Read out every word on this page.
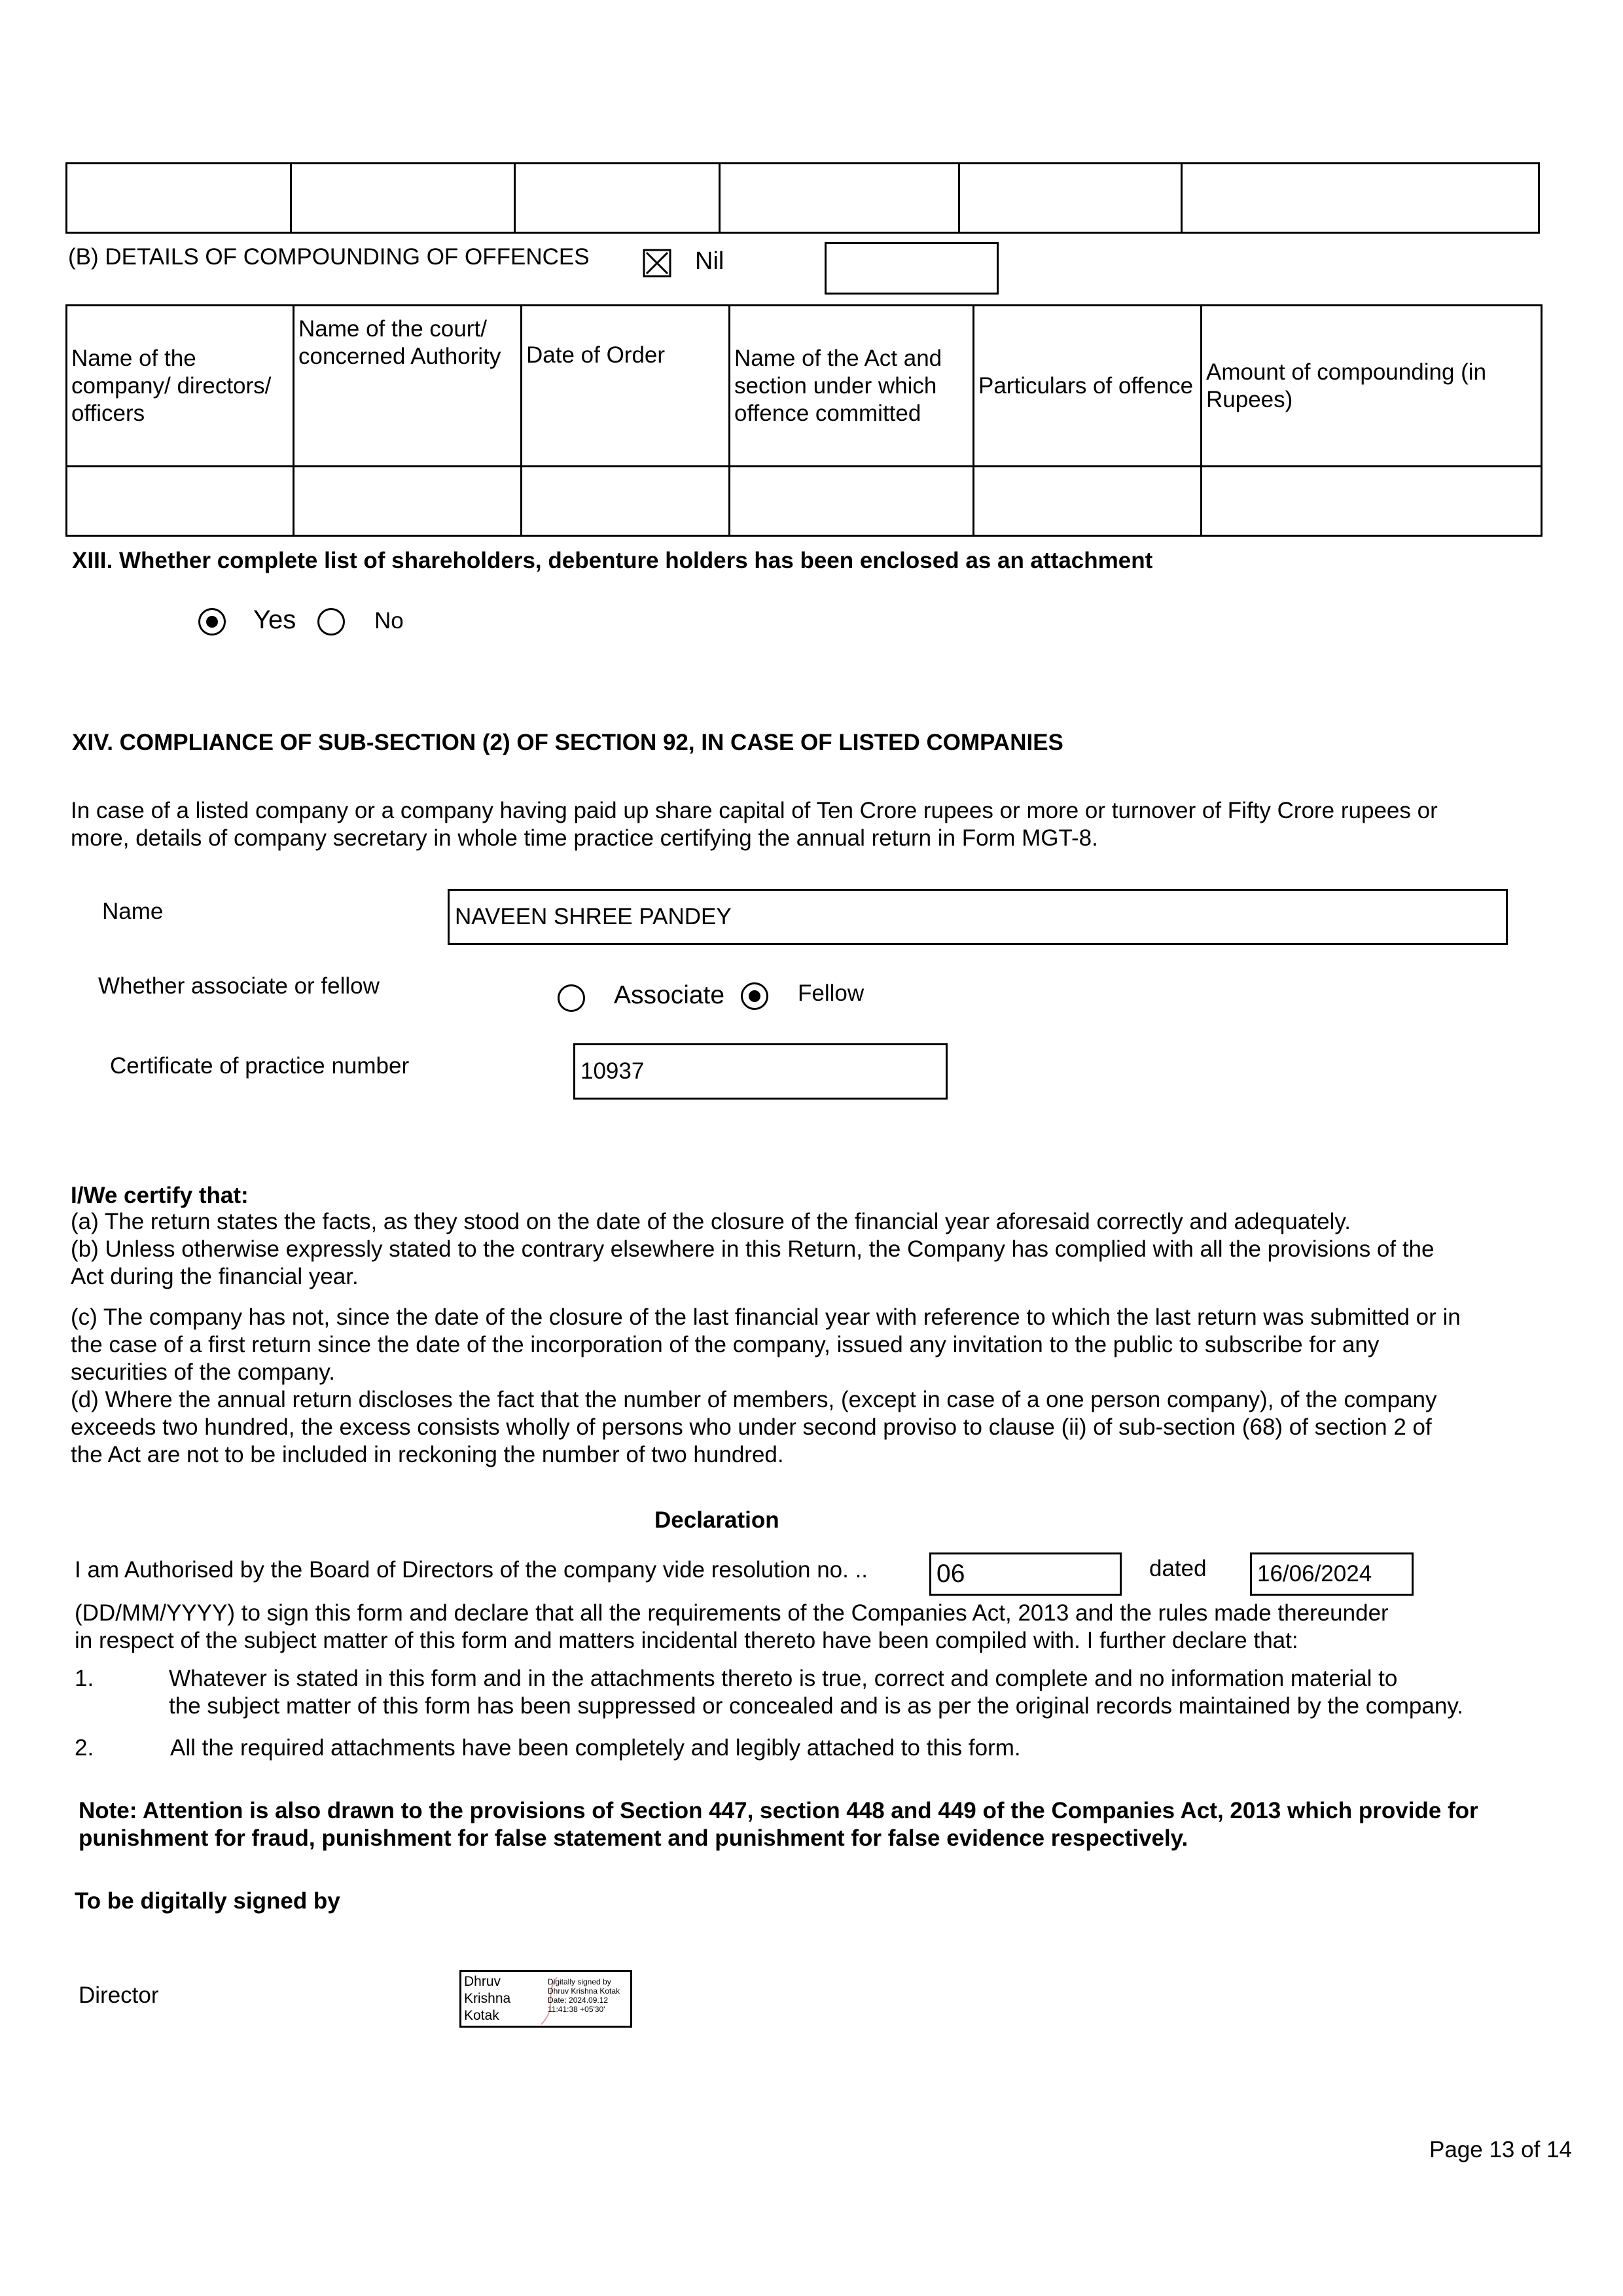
(B) DETAILS OF COMPOUNDING OF OFFENCES	Nil
Name of the company/ directors/ officers	Name of the court/ concerned Authority	Date of Order	Name of the Act and section under which offence committed	Particulars of offence	Amount of compounding (in Rupees)

XIII. Whether complete list of shareholders, debenture holders has been enclosed as an attachment
Yes	No
XIV. COMPLIANCE OF SUB-SECTION (2) OF SECTION 92, IN CASE OF LISTED COMPANIES
In case of a listed company or a company having paid up share capital of Ten Crore rupees or more or turnover of Fifty Crore rupees or
more, details of company secretary in whole time practice certifying the annual return in Form MGT-8.
Name	NAVEEN SHREE PANDEY
Whether associate or fellow	Associate	Fellow
Certificate of practice number	10937
I/We certify that:
(a) The return states the facts, as they stood on the date of the closure of the financial year aforesaid correctly and adequately.
(b) Unless otherwise expressly stated to the contrary elsewhere in this Return, the Company has complied with all the provisions of the
Act during the financial year.
(c) The company has not, since the date of the closure of the last financial year with reference to which the last return was submitted or in
the case of a first return since the date of the incorporation of the company, issued any invitation to the public to subscribe for any
securities of the company.
(d) Where the annual return discloses the fact that the number of members, (except in case of a one person company), of the company
exceeds two hundred, the excess consists wholly of persons who under second proviso to clause (ii) of sub-section (68) of section 2 of
the Act are not to be included in reckoning the number of two hundred.
Declaration
I am Authorised by the Board of Directors of the company vide resolution no. ..	06	dated 16/06/2024
(DD/MM/YYYY) to sign this form and declare that all the requirements of the Companies Act, 2013 and the rules made thereunder
in respect of the subject matter of this form and matters incidental thereto have been compiled with. I further declare that:
1.	Whatever is stated in this form and in the attachments thereto is true, correct and complete and no information material to
the subject matter of this form has been suppressed or concealed and is as per the original records maintained by the company.
2.	All the required attachments have been completely and legibly attached to this form.
Note: Attention is also drawn to the provisions of Section 447, section 448 and 449 of the Companies Act, 2013 which provide for
punishment for fraud, punishment for false statement and punishment for false evidence respectively.
To be digitally signed by
Director
Dhruv
Krishna
Kotak
Digitally signed by
Dhruv Krishna Kotak
Date: 2024.09.12
11:41:38 +05'30'
Page 13 of 14
